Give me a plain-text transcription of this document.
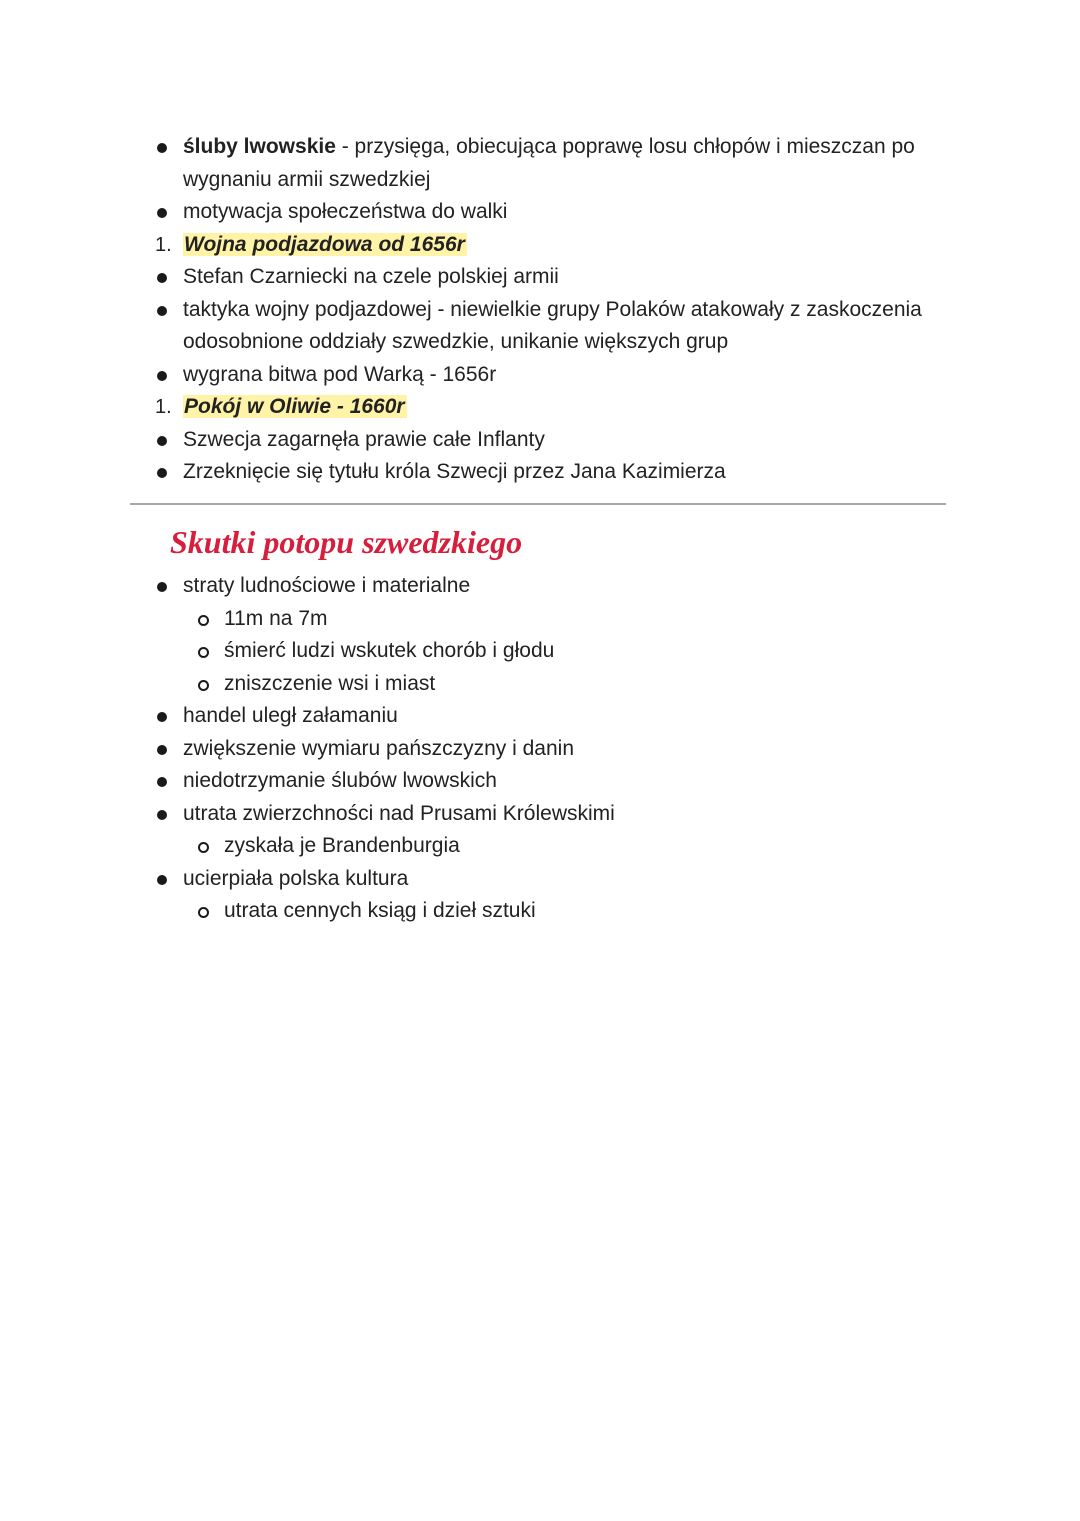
śluby lwowskie - przysięga, obiecująca poprawę losu chłopów i mieszczan po
wygnaniu armii szwedzkiej
motywacja społeczeństwa do walki
1. Wojna podjazdowa od 1656r
Stefan Czarniecki na czele polskiej armii
taktyka wojny podjazdowej - niewielkie grupy Polaków atakowały z zaskoczenia
odosobnione oddziały szwedzkie, unikanie większych grup
wygrana bitwa pod Warką - 1656r
1. Pokój w Oliwie - 1660r
Szwecja zagarnęła prawie całe Inflanty
Zrzeknięcie się tytułu króla Szwecji przez Jana Kazimierza
Skutki potopu szwedzkiego
straty ludnościowe i materialne
11m na 7m
śmierć ludzi wskutek chorób i głodu
zniszczenie wsi i miast
handel uległ załamaniu
zwiększenie wymiaru pańszczyzny i danin
niedotrzymanie ślubów lwowskich
utrata zwierzchności nad Prusami Królewskimi
zyskała je Brandenburgia
ucierpiała polska kultura
utrata cennych ksiąg i dzieł sztuki
